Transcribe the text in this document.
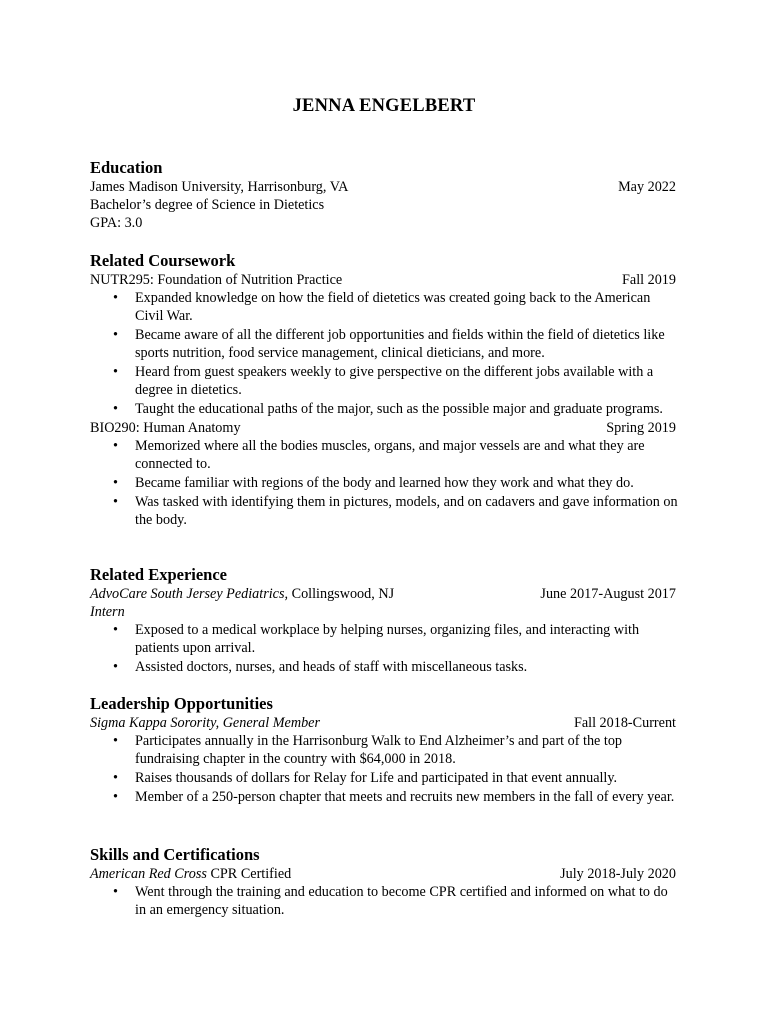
JENNA ENGELBERT
Education
James Madison University, Harrisonburg, VA	May 2022
Bachelor’s degree of Science in Dietetics
GPA: 3.0
Related Coursework
NUTR295: Foundation of Nutrition Practice	Fall 2019
• Expanded knowledge on how the field of dietetics was created going back to the American Civil War.
• Became aware of all the different job opportunities and fields within the field of dietetics like sports nutrition, food service management, clinical dieticians, and more.
• Heard from guest speakers weekly to give perspective on the different jobs available with a degree in dietetics.
• Taught the educational paths of the major, such as the possible major and graduate programs.
BIO290: Human Anatomy	Spring 2019
• Memorized where all the bodies muscles, organs, and major vessels are and what they are connected to.
• Became familiar with regions of the body and learned how they work and what they do.
• Was tasked with identifying them in pictures, models, and on cadavers and gave information on the body.
Related Experience
AdvoCare South Jersey Pediatrics, Collingswood, NJ	June 2017-August 2017
Intern
• Exposed to a medical workplace by helping nurses, organizing files, and interacting with patients upon arrival.
• Assisted doctors, nurses, and heads of staff with miscellaneous tasks.
Leadership Opportunities
Sigma Kappa Sorority, General Member	Fall 2018-Current
• Participates annually in the Harrisonburg Walk to End Alzheimer’s and part of the top fundraising chapter in the country with $64,000 in 2018.
• Raises thousands of dollars for Relay for Life and participated in that event annually.
• Member of a 250-person chapter that meets and recruits new members in the fall of every year.
Skills and Certifications
American Red Cross CPR Certified	July 2018-July 2020
• Went through the training and education to become CPR certified and informed on what to do in an emergency situation.
